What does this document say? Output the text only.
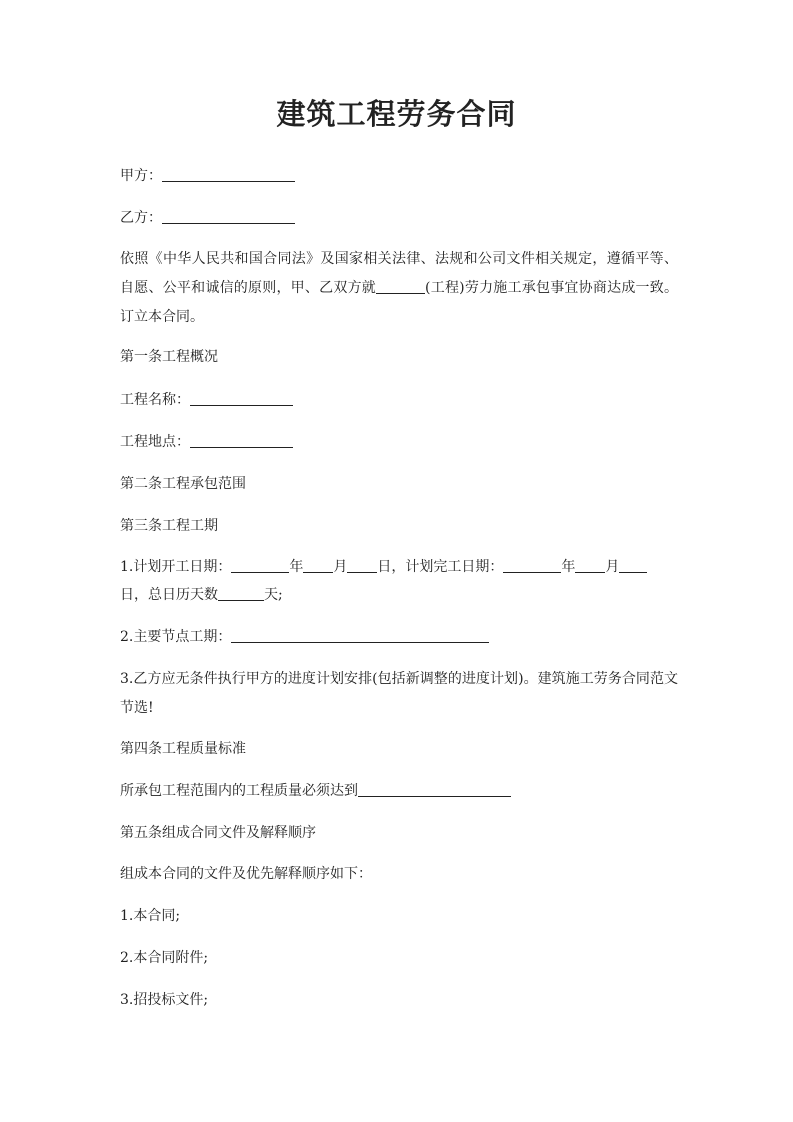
建筑工程劳务合同

甲方：

乙方：

依照《中华人民共和国合同法》及国家相关法律、法规和公司文件相关规定，遵循平等、自愿、公平和诚信的原则，甲、乙双方就	(工程)劳力施工承包事宜协商达成一致。订立本合同。

第一条工程概况

工程名称：

工程地点：

第二条工程承包范围

第三条工程工期

1.计划开工日期：	年 月 日，计划完工日期：	年 月

日，总日历天数	天;

2.主要节点工期：

3.乙方应无条件执行甲方的进度计划安排(包括新调整的进度计划)。建筑施工劳务合同范文节选!

第四条工程质量标准

所承包工程范围内的工程质量必须达到

第五条组成合同文件及解释顺序

组成本合同的文件及优先解释顺序如下：

1.本合同;

2.本合同附件;

3.招投标文件;
